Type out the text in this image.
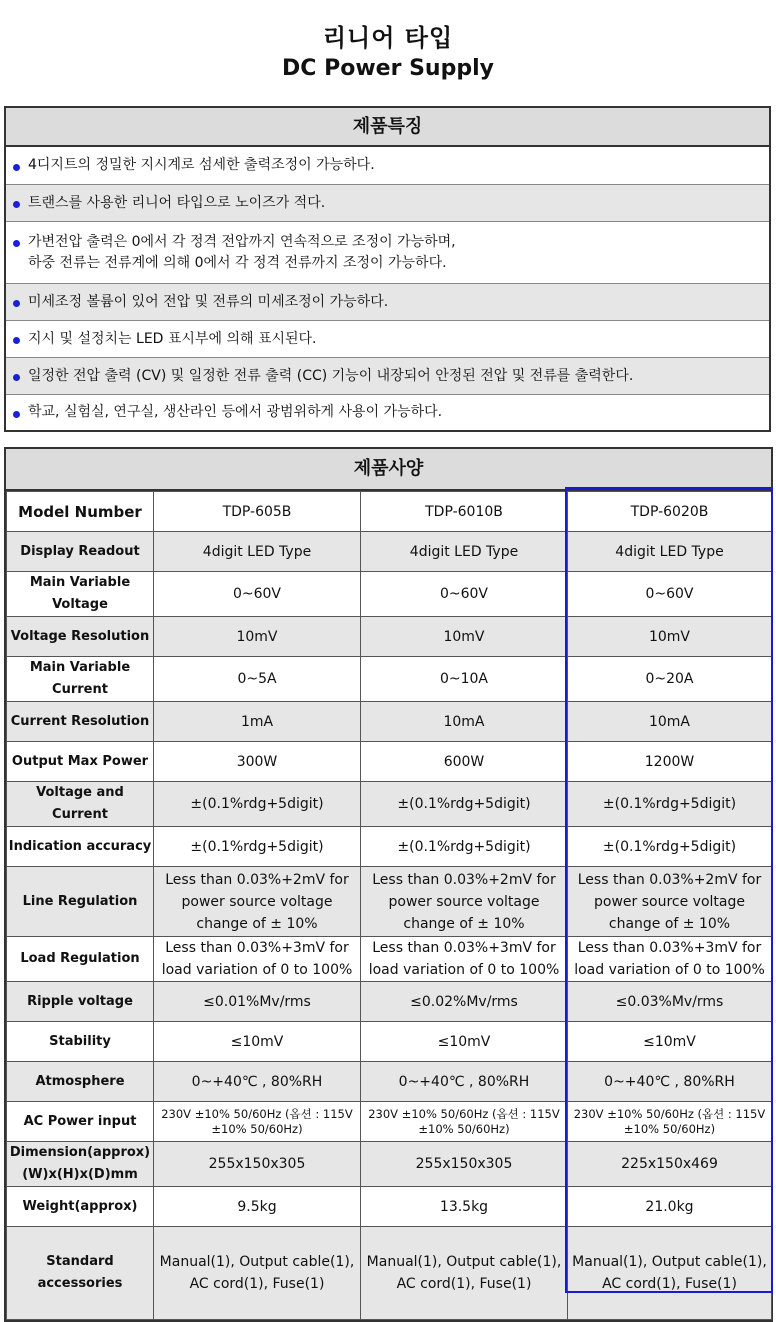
리니어 타입
DC Power Supply
제품특징
4디지트의 정밀한 지시계로 섬세한 출력조정이 가능하다.
트랜스를 사용한 리니어 타입으로 노이즈가 적다.
가변전압 출력은 0에서 각 정격 전압까지 연속적으로 조정이 가능하며,
하중 전류는 전류계에 의해 0에서 각 정격 전류까지 조정이 가능하다.
미세조정 볼륨이 있어 전압 및 전류의 미세조정이 가능하다.
지시 및 설정치는 LED 표시부에 의해 표시된다.
일정한 전압 출력 (CV) 및 일정한 전류 출력 (CC) 기능이 내장되어 안정된 전압 및 전류를 출력한다.
학교, 실험실, 연구실, 생산라인 등에서 광범위하게 사용이 가능하다.
제품사양
Model Number	TDP-605B	TDP-6010B	TDP-6020B
Display Readout	4digit LED Type	4digit LED Type	4digit LED Type
Main Variable Voltage	0~60V	0~60V	0~60V
Voltage Resolution	10mV	10mV	10mV
Main Variable Current	0~5A	0~10A	0~20A
Current Resolution	1mA	10mA	10mA
Output Max Power	300W	600W	1200W
Voltage and Current	±(0.1%rdg+5digit)	±(0.1%rdg+5digit)	±(0.1%rdg+5digit)
Indication accuracy	±(0.1%rdg+5digit)	±(0.1%rdg+5digit)	±(0.1%rdg+5digit)
Line Regulation	Less than 0.03%+2mV for power source voltage change of ± 10%	Less than 0.03%+2mV for power source voltage change of ± 10%	Less than 0.03%+2mV for power source voltage change of ± 10%
Load Regulation	Less than 0.03%+3mV for load variation of 0 to 100%	Less than 0.03%+3mV for load variation of 0 to 100%	Less than 0.03%+3mV for load variation of 0 to 100%
Ripple voltage	≤0.01%Mv/rms	≤0.02%Mv/rms	≤0.03%Mv/rms
Stability	≤10mV	≤10mV	≤10mV
Atmosphere	0~+40℃ , 80%RH	0~+40℃ , 80%RH	0~+40℃ , 80%RH
AC Power input	230V ±10% 50/60Hz (옵션 : 115V ±10% 50/60Hz)	230V ±10% 50/60Hz (옵션 : 115V ±10% 50/60Hz)	230V ±10% 50/60Hz (옵션 : 115V ±10% 50/60Hz)
Dimension(approx) (W)x(H)x(D)mm	255x150x305	255x150x305	225x150x469
Weight(approx)	9.5kg	13.5kg	21.0kg
Standard accessories	Manual(1), Output cable(1), AC cord(1), Fuse(1)	Manual(1), Output cable(1), AC cord(1), Fuse(1)	Manual(1), Output cable(1), AC cord(1), Fuse(1)
